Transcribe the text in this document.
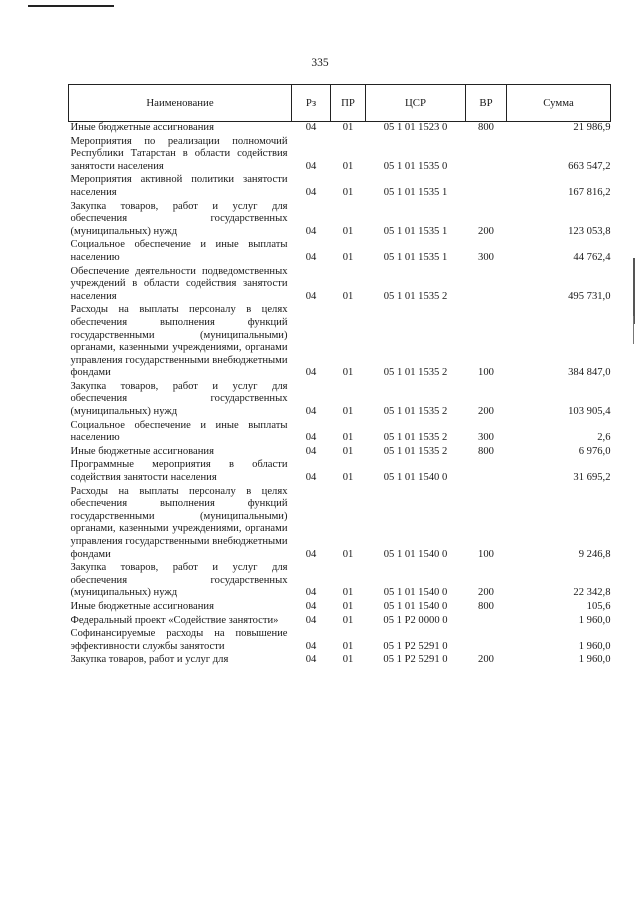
335
Наименование	Рз	ПР	ЦСР	ВР	Сумма
Иные бюджетные ассигнования	04	01	05 1 01 1523 0	800	21 986,9
Мероприятия по реализации полномочий Республики Татарстан в области содействия занятости населения	04	01	05 1 01 1535 0		663 547,2
Мероприятия активной политики занятости населения	04	01	05 1 01 1535 1		167 816,2
Закупка товаров, работ и услуг для обеспечения государственных (муниципальных) нужд	04	01	05 1 01 1535 1	200	123 053,8
Социальное обеспечение и иные выплаты населению	04	01	05 1 01 1535 1	300	44 762,4
Обеспечение деятельности подведомственных учреждений в области содействия занятости населения	04	01	05 1 01 1535 2		495 731,0
Расходы на выплаты персоналу в целях обеспечения выполнения функций государственными (муниципальными) органами, казенными учреждениями, органами управления государственными внебюджетными фондами	04	01	05 1 01 1535 2	100	384 847,0
Закупка товаров, работ и услуг для обеспечения государственных (муниципальных) нужд	04	01	05 1 01 1535 2	200	103 905,4
Социальное обеспечение и иные выплаты населению	04	01	05 1 01 1535 2	300	2,6
Иные бюджетные ассигнования	04	01	05 1 01 1535 2	800	6 976,0
Программные мероприятия в области содействия занятости населения	04	01	05 1 01 1540 0		31 695,2
Расходы на выплаты персоналу в целях обеспечения выполнения функций государственными (муниципальными) органами, казенными учреждениями, органами управления государственными внебюджетными фондами	04	01	05 1 01 1540 0	100	9 246,8
Закупка товаров, работ и услуг для обеспечения государственных (муниципальных) нужд	04	01	05 1 01 1540 0	200	22 342,8
Иные бюджетные ассигнования	04	01	05 1 01 1540 0	800	105,6
Федеральный проект «Содействие занятости»	04	01	05 1 P2 0000 0		1 960,0
Софинансируемые расходы на повышение эффективности службы занятости	04	01	05 1 P2 5291 0		1 960,0
Закупка товаров, работ и услуг для	04	01	05 1 P2 5291 0	200	1 960,0
